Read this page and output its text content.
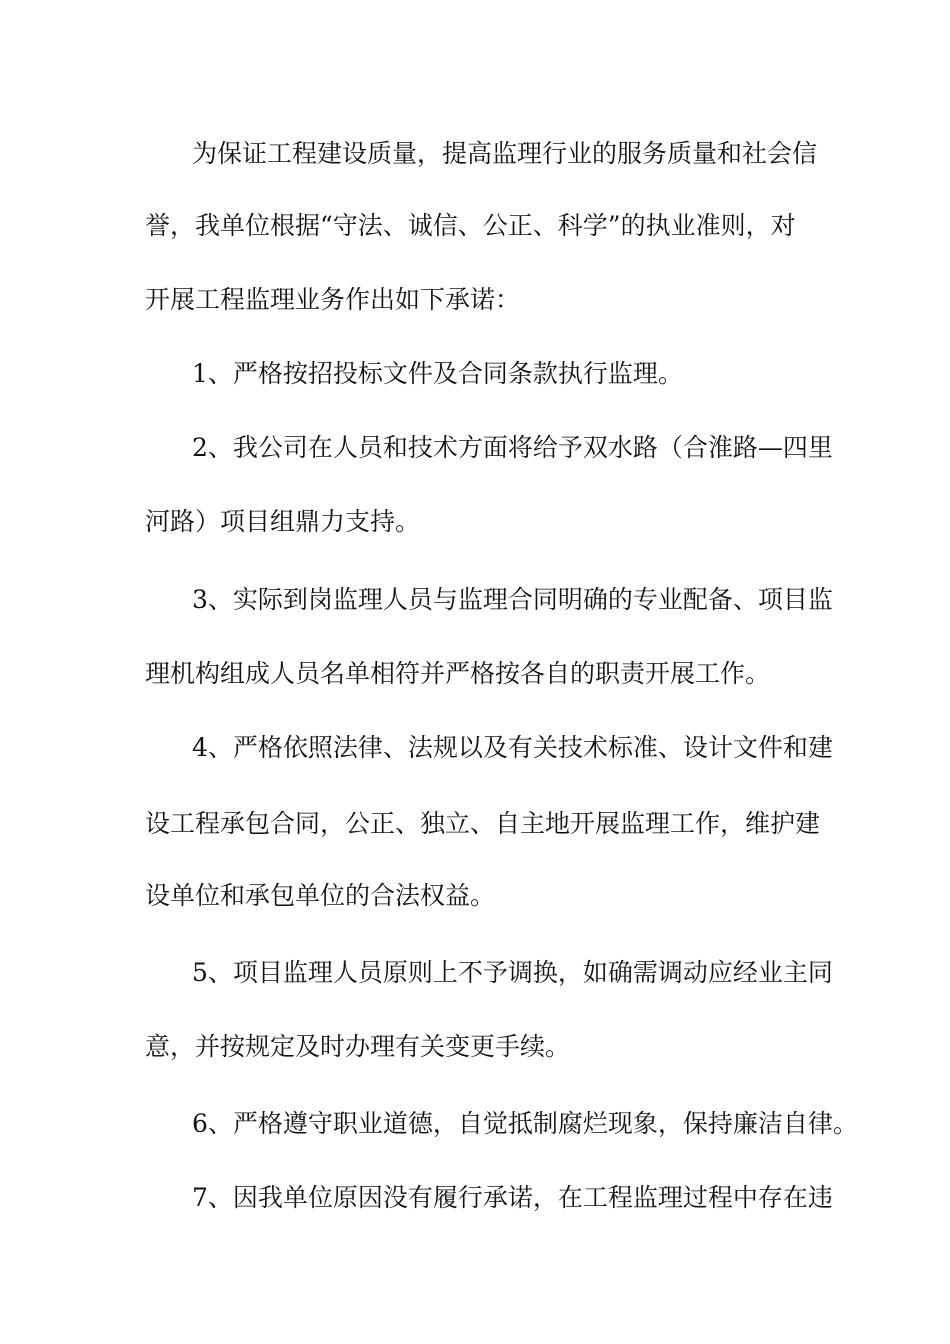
为保证工程建设质量，提高监理行业的服务质量和社会信
誉，我单位根据“守法、诚信、公正、科学”的执业准则，对
开展工程监理业务作出如下承诺：
1、严格按招投标文件及合同条款执行监理。
2、我公司在人员和技术方面将给予双水路（合淮路—四里
河路）项目组鼎力支持。
3、实际到岗监理人员与监理合同明确的专业配备、项目监
理机构组成人员名单相符并严格按各自的职责开展工作。
4、严格依照法律、法规以及有关技术标准、设计文件和建
设工程承包合同，公正、独立、自主地开展监理工作，维护建
设单位和承包单位的合法权益。
5、项目监理人员原则上不予调换，如确需调动应经业主同
意，并按规定及时办理有关变更手续。
6、严格遵守职业道德，自觉抵制腐烂现象，保持廉洁自律。
7、因我单位原因没有履行承诺，在工程监理过程中存在违
